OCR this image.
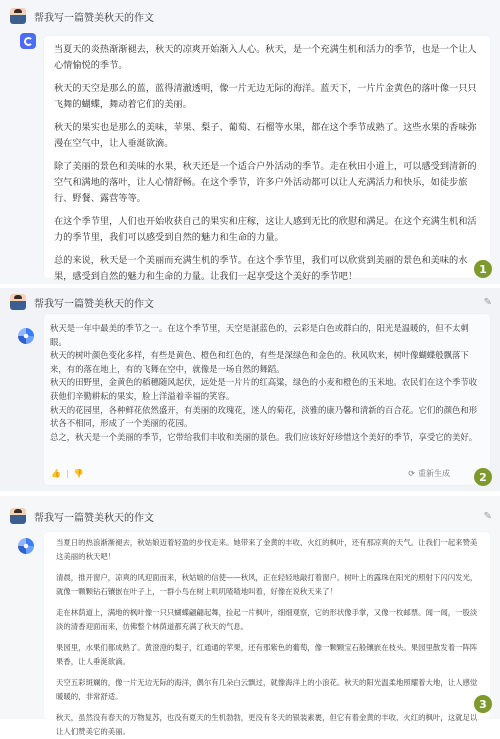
帮我写一篇赞美秋天的作文

当夏天的炎热渐渐褪去，秋天的凉爽开始渐入人心。秋天，是一个充满生机和活力的季节，也是一个让人心情愉悦的季节。

秋天的天空是那么的蓝，蓝得清澈透明，像一片无边无际的海洋。蓝天下，一片片金黄色的落叶像一只只飞舞的蝴蝶，舞动着它们的美丽。

秋天的果实也是那么的美味，苹果、梨子、葡萄、石榴等水果，都在这个季节成熟了。这些水果的香味弥漫在空气中，让人垂涎欲滴。

除了美丽的景色和美味的水果，秋天还是一个适合户外活动的季节。走在秋田小道上，可以感受到清新的空气和满地的落叶，让人心情舒畅。在这个季节，许多户外活动都可以让人充满活力和快乐，如徒步旅行、野餐、露营等等。

在这个季节里，人们也开始收获自己的果实和庄稼，这让人感到无比的欣慰和满足。在这个充满生机和活力的季节里，我们可以感受到自然的魅力和生命的力量。

总的来说，秋天是一个美丽而充满生机的季节。在这个季节里，我们可以欣赏到美丽的景色和美味的水果，感受到自然的魅力和生命的力量。让我们一起享受这个美好的季节吧！

1
帮我写一篇赞美秋天的作文	✎

秋天是一年中最美的季节之一。在这个季节里，天空是湛蓝色的，云彩是白色或群白的，阳光是温暖的，但不太刺眼。

秋天的树叶颜色变化多样，有些是黄色、橙色和红色的，有些是深绿色和金色的。秋风吹来，树叶像蝴蝶般飘落下来，有的落在地上，有的飞舞在空中，就像是一场自然的舞蹈。

秋天的田野里，金黄色的稻穗随风起伏，远处是一片片的红高粱，绿色的小麦和橙色的玉米地。农民们在这个季节收获他们辛勤耕耘的果实，脸上洋溢着幸福的笑容。

秋天的花园里，各种鲜花依然盛开，有美丽的玫瑰花，迷人的菊花，淡雅的康乃馨和清新的百合花。它们的颜色和形状各不相同，形成了一个美丽的花园。

总之，秋天是一个美丽的季节，它带给我们丰收和美丽的景色。我们应该好好珍惜这个美好的季节，享受它的美好。

👍 | 👎	⟳ 重新生成	2
帮我写一篇赞美秋天的作文	✎

当夏日的热浪渐渐褪去，秋姑娘迈着轻盈的步伐走来。她带来了金黄的丰收、火红的枫叶，还有那凉爽的天气。让我们一起来赞美这美丽的秋天吧！

清晨，推开窗户，凉爽的风迎面而来，秋姑娘的信使——秋风，正在轻轻地敲打着窗户。树叶上的露珠在阳光的照射下闪闪发光，就像一颗颗钻石镶嵌在叶子上，一群小鸟在树上叽叽喳喳地叫着，好像在说秋天来了！

走在林荫道上，满地的枫叶像一只只蝴蝶翩翩起舞，捡起一片枫叶，细细观察，它的形状像手掌，又像一枚邮票。闻一闻，一股淡淡的清香迎面而来，仿佛整个林荫道都充满了秋天的气息。

果园里，水果们都成熟了。黄澄澄的梨子，红通通的苹果，还有那紫色的葡萄，像一颗颗宝石般镶嵌在枝头。果园里散发着一阵阵果香，让人垂涎欲滴。

天空五彩斑斓的，像一片无边无际的海洋，偶尔有几朵白云飘过，就像海洋上的小浪花。秋天的阳光温柔地照耀着大地，让人感觉暖暖的，非常舒适。

秋天，虽然没有春天的万物复苏，也没有夏天的生机勃勃，更没有冬天的银装素裹，但它有着金黄的丰收、火红的枫叶，这就足以让人们赞美它的美丽。

3
